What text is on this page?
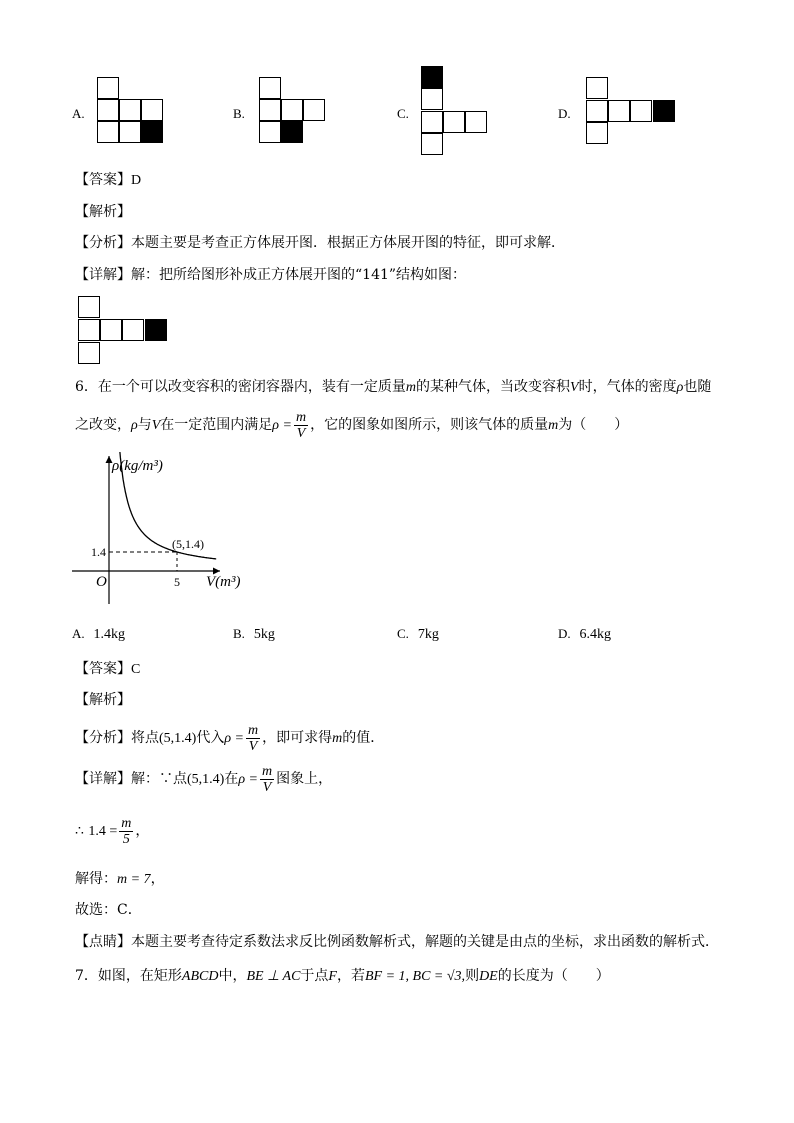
A.	B.	C.	D.
【答案】D
【解析】
【分析】本题主要是考查正方体展开图．根据正方体展开图的特征，即可求解．
【详解】解：把所给图形补成正方体展开图的“141”结构如图：
6．在一个可以改变容积的密闭容器内，装有一定质量m的某种气体，当改变容积V时，气体的密度ρ也随
之改变，ρ与V在一定范围内满足$\rho = \frac{m}{V}$ ，它的图象如图所示，则该气体的质量m为（　　）
ρ(kg/m³)
V(m³)
O
1.4
5
(5,1.4)
A. 1.4kg	B. 5kg	C. 7kg	D. 6.4kg
【答案】C
【解析】
【分析】将点(5,1.4)代入$\rho = \frac{m}{V}$ ，即可求得m的值．
【详解】解：∵点(5,1.4)在$\rho = \frac{m}{V}$ 图象上，
∴ $1.4 = \frac{m}{5}$ ，
解得：m = 7，
故选：C．
【点睛】本题主要考查待定系数法求反比例函数解析式，解题的关键是由点的坐标，求出函数的解析式．
7．如图，在矩形ABCD中，BE ⊥ AC于点F，若BF = 1, BC = √3,则DE的长度为（　　）
